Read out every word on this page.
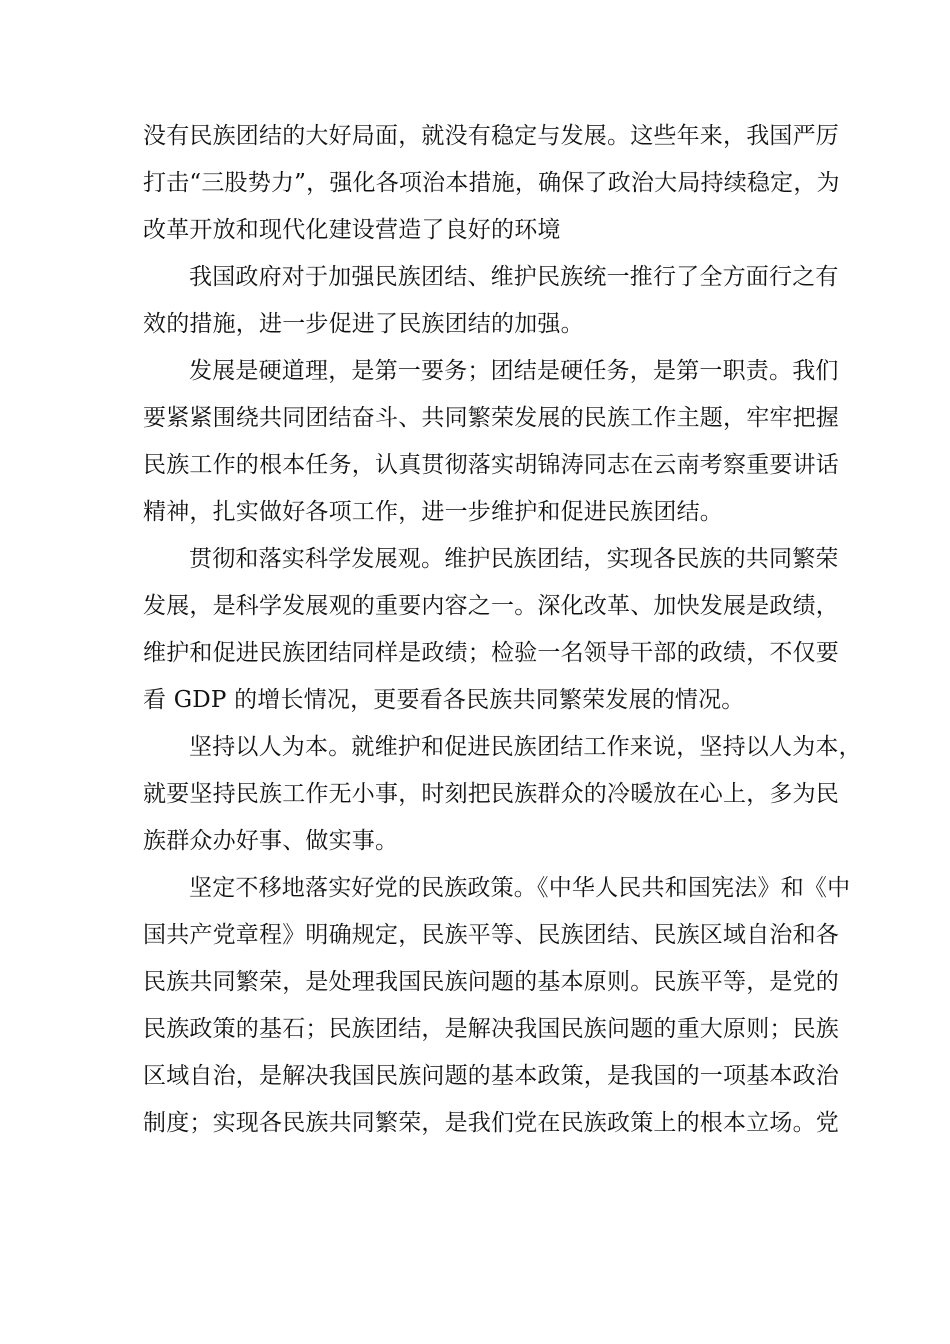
没有民族团结的大好局面，就没有稳定与发展。这些年来，我国严厉
打击“三股势力”，强化各项治本措施，确保了政治大局持续稳定，为
改革开放和现代化建设营造了良好的环境

我国政府对于加强民族团结、维护民族统一推行了全方面行之有
效的措施，进一步促进了民族团结的加强。

发展是硬道理，是第一要务；团结是硬任务，是第一职责。我们
要紧紧围绕共同团结奋斗、共同繁荣发展的民族工作主题，牢牢把握
民族工作的根本任务，认真贯彻落实胡锦涛同志在云南考察重要讲话
精神，扎实做好各项工作，进一步维护和促进民族团结。

贯彻和落实科学发展观。维护民族团结，实现各民族的共同繁荣
发展，是科学发展观的重要内容之一。深化改革、加快发展是政绩，
维护和促进民族团结同样是政绩；检验一名领导干部的政绩，不仅要
看 GDP 的增长情况，更要看各民族共同繁荣发展的情况。

坚持以人为本。就维护和促进民族团结工作来说，坚持以人为本，
就要坚持民族工作无小事，时刻把民族群众的冷暖放在心上，多为民
族群众办好事、做实事。

坚定不移地落实好党的民族政策。《中华人民共和国宪法》和《中
国共产党章程》明确规定，民族平等、民族团结、民族区域自治和各
民族共同繁荣，是处理我国民族问题的基本原则。民族平等，是党的
民族政策的基石；民族团结，是解决我国民族问题的重大原则；民族
区域自治，是解决我国民族问题的基本政策，是我国的一项基本政治
制度；实现各民族共同繁荣，是我们党在民族政策上的根本立场。党
